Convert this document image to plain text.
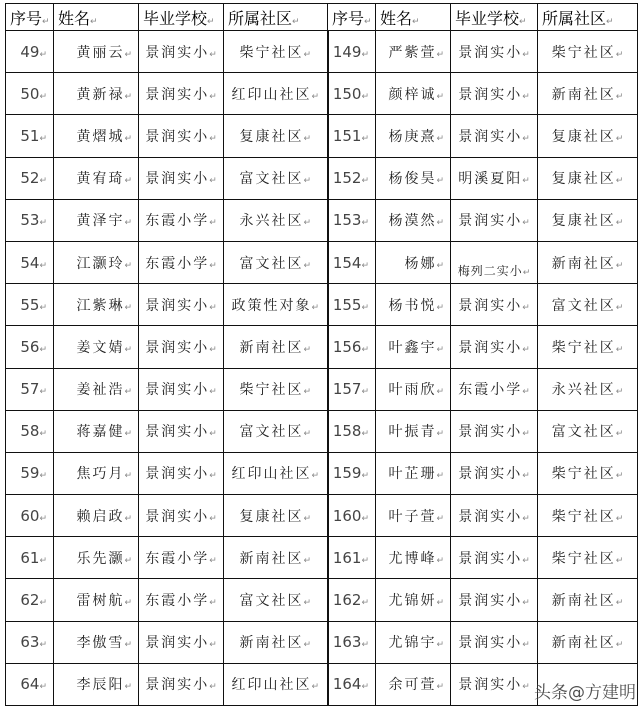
序号 ↵	姓名 ↵	毕业学校 ↵	所属社区 ↵	序号 ↵	姓名 ↵	毕业学校 ↵	所属社区 ↵
49 ↵	黄丽云 ↵	景润实小 ↵	柴宁社区 ↵	149 ↵	严紫萱 ↵	景润实小 ↵	柴宁社区 ↵
50 ↵	黄新禄 ↵	景润实小 ↵	红印山社区 ↵	150 ↵	颜梓诚 ↵	景润实小 ↵	新南社区 ↵
51 ↵	黄熠城 ↵	景润实小 ↵	复康社区 ↵	151 ↵	杨庚熹 ↵	景润实小 ↵	复康社区 ↵
52 ↵	黄宥琦 ↵	景润实小 ↵	富文社区 ↵	152 ↵	杨俊昊 ↵	明溪夏阳 ↵	复康社区 ↵
53 ↵	黄泽宇 ↵	东霞小学 ↵	永兴社区 ↵	153 ↵	杨漠然 ↵	景润实小 ↵	复康社区 ↵
54 ↵	江灏玲 ↵	东霞小学 ↵	富文社区 ↵	154 ↵	杨娜 ↵	梅列二实小 ↵	新南社区 ↵
55 ↵	江紫琳 ↵	景润实小 ↵	政策性对象 ↵	155 ↵	杨书悦 ↵	景润实小 ↵	富文社区 ↵
56 ↵	姜文婧 ↵	景润实小 ↵	新南社区 ↵	156 ↵	叶鑫宇 ↵	景润实小 ↵	柴宁社区 ↵
57 ↵	姜祉浩 ↵	景润实小 ↵	柴宁社区 ↵	157 ↵	叶雨欣 ↵	东霞小学 ↵	永兴社区 ↵
58 ↵	蒋嘉健 ↵	景润实小 ↵	富文社区 ↵	158 ↵	叶振青 ↵	景润实小 ↵	富文社区 ↵
59 ↵	焦巧月 ↵	景润实小 ↵	红印山社区 ↵	159 ↵	叶芷珊 ↵	景润实小 ↵	柴宁社区 ↵
60 ↵	赖启政 ↵	景润实小 ↵	复康社区 ↵	160 ↵	叶子萱 ↵	景润实小 ↵	柴宁社区 ↵
61 ↵	乐先灏 ↵	东霞小学 ↵	新南社区 ↵	161 ↵	尤博峰 ↵	景润实小 ↵	柴宁社区 ↵
62 ↵	雷树航 ↵	东霞小学 ↵	富文社区 ↵	162 ↵	尤锦妍 ↵	景润实小 ↵	新南社区 ↵
63 ↵	李傲雪 ↵	景润实小 ↵	新南社区 ↵	163 ↵	尤锦宇 ↵	景润实小 ↵	新南社区 ↵
64 ↵	李辰阳 ↵	景润实小 ↵	红印山社区 ↵	164 ↵	余可萱 ↵	景润实小 ↵	头条@方建明
